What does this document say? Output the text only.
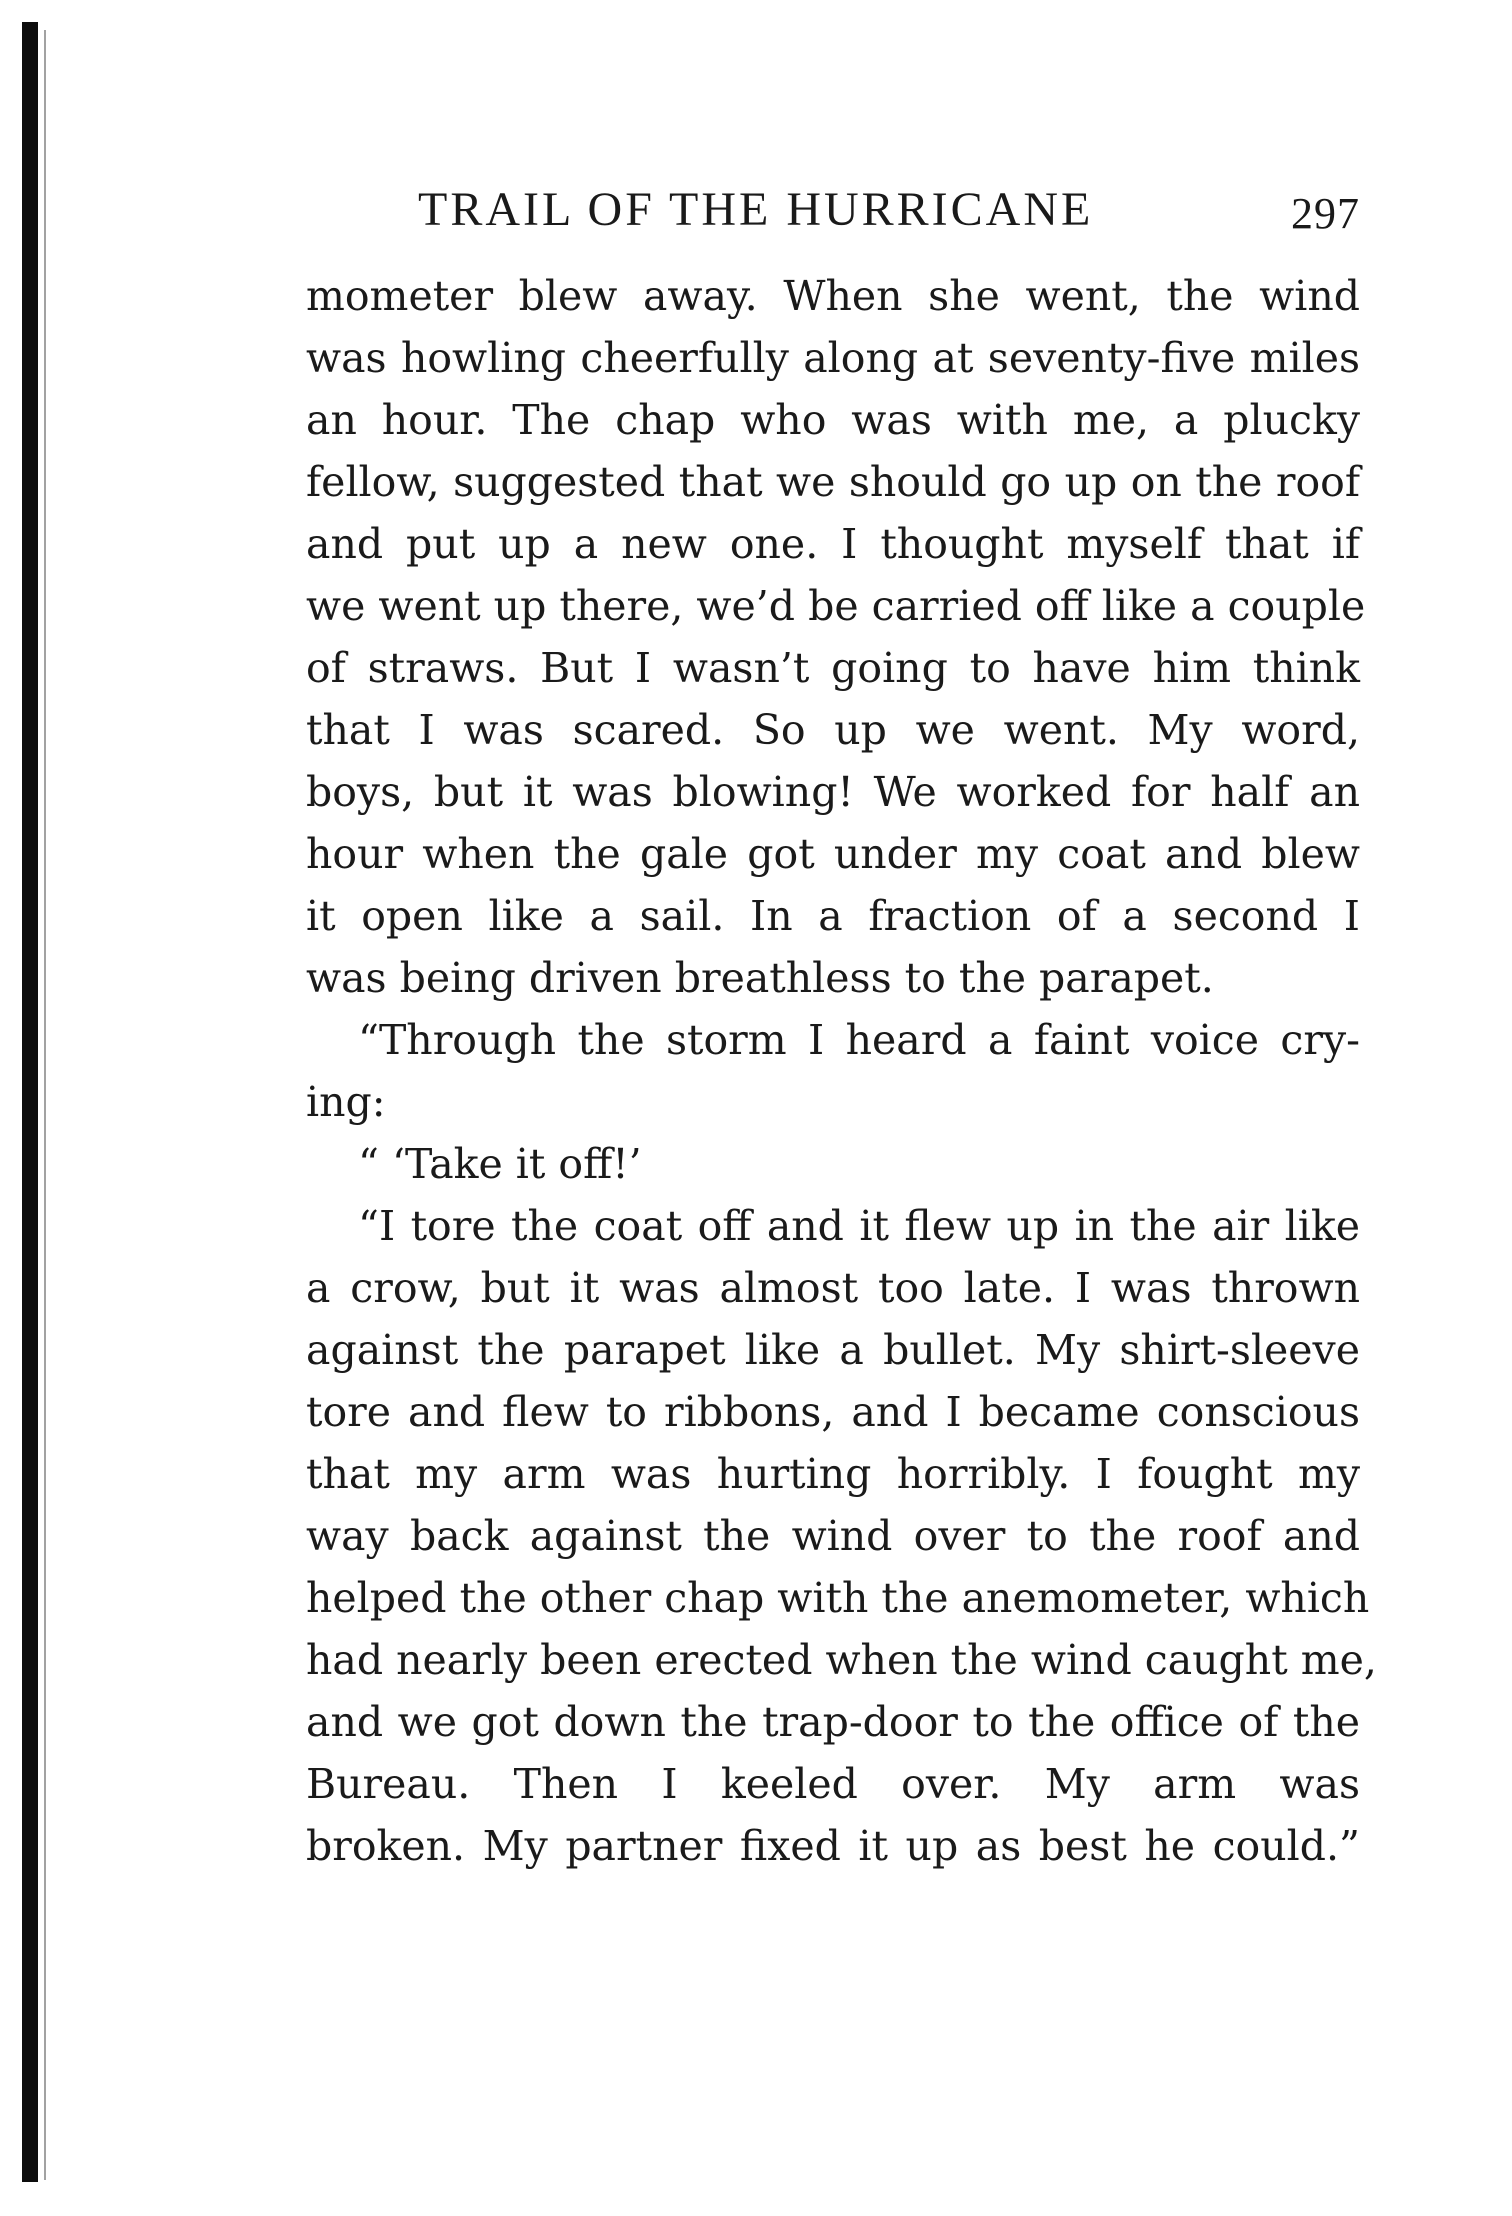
TRAIL OF THE HURRICANE	297
mometer blew away. When she went, the wind
was howling cheerfully along at seventy-five miles
an hour. The chap who was with me, a plucky
fellow, suggested that we should go up on the roof
and put up a new one. I thought myself that if
we went up there, we’d be carried off like a couple
of straws. But I wasn’t going to have him think
that I was scared. So up we went. My word,
boys, but it was blowing! We worked for half an
hour when the gale got under my coat and blew
it open like a sail. In a fraction of a second I
was being driven breathless to the parapet.
“Through the storm I heard a faint voice cry-
ing:
“ ‘Take it off!’
“I tore the coat off and it flew up in the air like
a crow, but it was almost too late. I was thrown
against the parapet like a bullet. My shirt-sleeve
tore and flew to ribbons, and I became conscious
that my arm was hurting horribly. I fought my
way back against the wind over to the roof and
helped the other chap with the anemometer, which
had nearly been erected when the wind caught me,
and we got down the trap-door to the office of the
Bureau. Then I keeled over. My arm was
broken. My partner fixed it up as best he could.”
